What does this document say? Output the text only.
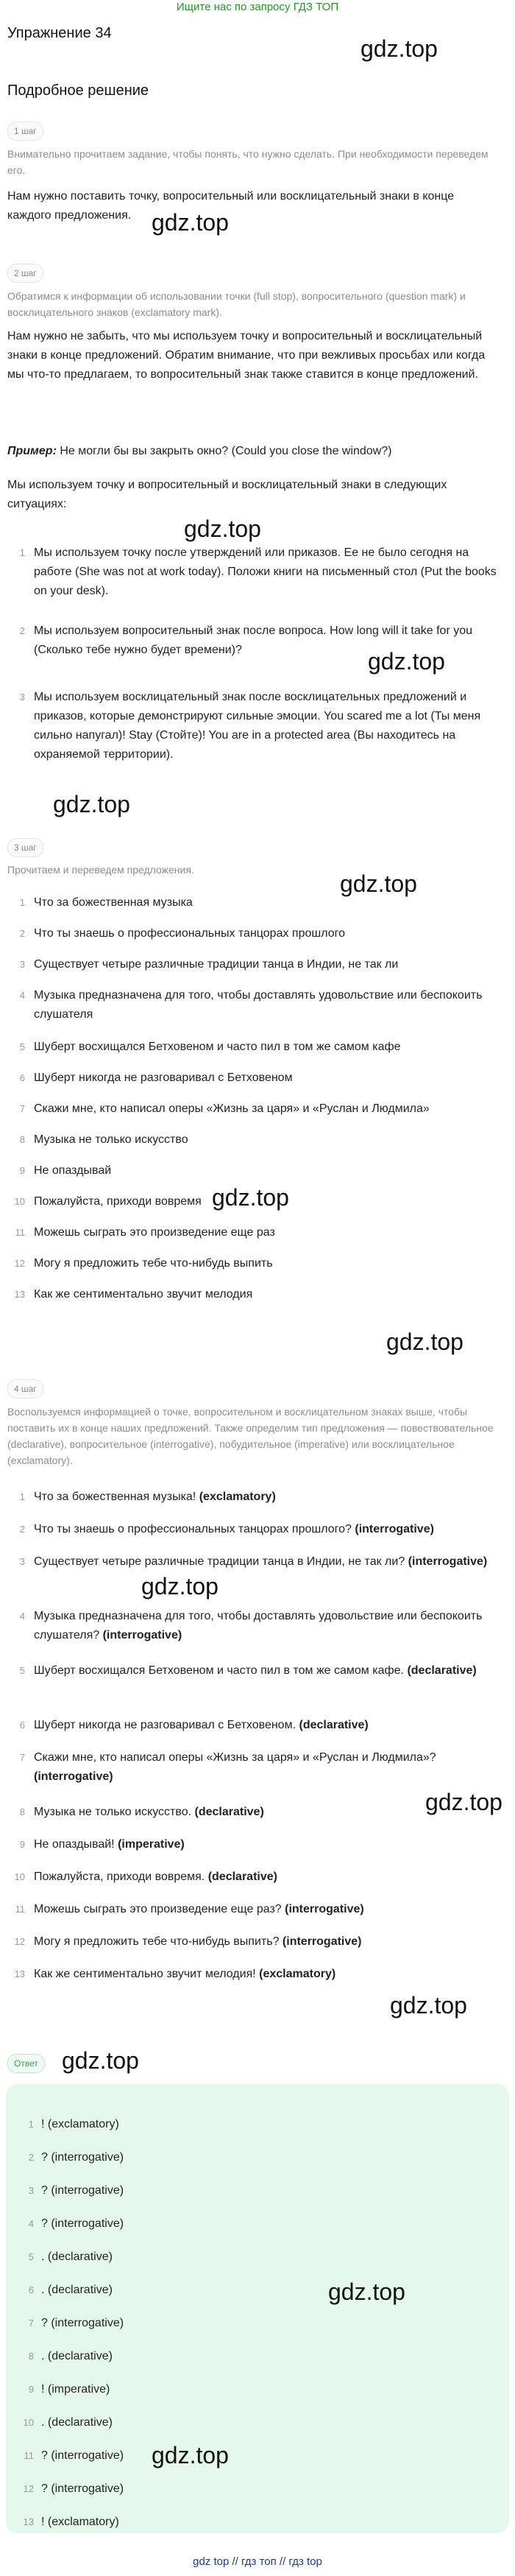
Ищите нас по запросу ГДЗ ТОП
Упражнение 34
Подробное решение
1 шаг
Внимательно прочитаем задание, чтобы понять, что нужно сделать. При необходимости переведем его.
Нам нужно поставить точку, вопросительный или восклицательный знаки в конце каждого предложения.
2 шаг
Обратимся к информации об использовании точки (full stop), вопросительного (question mark) и восклицательного знаков (exclamatory mark).
Нам нужно не забыть, что мы используем точку и вопросительный и восклицательный знаки в конце предложений. Обратим внимание, что при вежливых просьбах или когда мы что-то предлагаем, то вопросительный знак также ставится в конце предложений.
Пример: Не могли бы вы закрыть окно? (Could you close the window?)
Мы используем точку и вопросительный и восклицательный знаки в следующих ситуациях:
1 Мы используем точку после утверждений или приказов. Ее не было сегодня на работе (She was not at work today). Положи книги на письменный стол (Put the books on your desk).
2 Мы используем вопросительный знак после вопроса. How long will it take for you (Сколько тебе нужно будет времени)?
3 Мы используем восклицательный знак после восклицательных предложений и приказов, которые демонстрируют сильные эмоции. You scared me a lot (Ты меня сильно напугал)! Stay (Стойте)! You are in a protected area (Вы находитесь на охраняемой территории).
3 шаг
Прочитаем и переведем предложения.
1 Что за божественная музыка
2 Что ты знаешь о профессиональных танцорах прошлого
3 Существует четыре различные традиции танца в Индии, не так ли
4 Музыка предназначена для того, чтобы доставлять удовольствие или беспокоить слушателя
5 Шуберт восхищался Бетховеном и часто пил в том же самом кафе
6 Шуберт никогда не разговаривал с Бетховеном
7 Скажи мне, кто написал оперы «Жизнь за царя» и «Руслан и Людмила»
8 Музыка не только искусство
9 Не опаздывай
10 Пожалуйста, приходи вовремя
11 Можешь сыграть это произведение еще раз
12 Могу я предложить тебе что-нибудь выпить
13 Как же сентиментально звучит мелодия
4 шаг
Воспользуемся информацией о точке, вопросительном и восклицательном знаках выше, чтобы поставить их в конце наших предложений. Также определим тип предложения — повествовательное (declarative), вопросительное (interrogative), побудительное (imperative) или восклицательное (exclamatory).
1 Что за божественная музыка! (exclamatory)
2 Что ты знаешь о профессиональных танцорах прошлого? (interrogative)
3 Существует четыре различные традиции танца в Индии, не так ли? (interrogative)
4 Музыка предназначена для того, чтобы доставлять удовольствие или беспокоить слушателя? (interrogative)
5 Шуберт восхищался Бетховеном и часто пил в том же самом кафе. (declarative)
6 Шуберт никогда не разговаривал с Бетховеном. (declarative)
7 Скажи мне, кто написал оперы «Жизнь за царя» и «Руслан и Людмила»? (interrogative)
8 Музыка не только искусство. (declarative)
9 Не опаздывай! (imperative)
10 Пожалуйста, приходи вовремя. (declarative)
11 Можешь сыграть это произведение еще раз? (interrogative)
12 Могу я предложить тебе что-нибудь выпить? (interrogative)
13 Как же сентиментально звучит мелодия! (exclamatory)
Ответ
1 ! (exclamatory)
2 ? (interrogative)
3 ? (interrogative)
4 ? (interrogative)
5 . (declarative)
6 . (declarative)
7 ? (interrogative)
8 . (declarative)
9 ! (imperative)
10 . (declarative)
11 ? (interrogative)
12 ? (interrogative)
13 ! (exclamatory)
gdz.top
gdz.top
gdz.top
gdz.top
gdz.top
gdz.top
gdz.top
gdz.top
gdz.top
gdz.top
gdz.top
gdz.top
gdz.top
gdz.top
gdz top // гдз топ // гдз top
